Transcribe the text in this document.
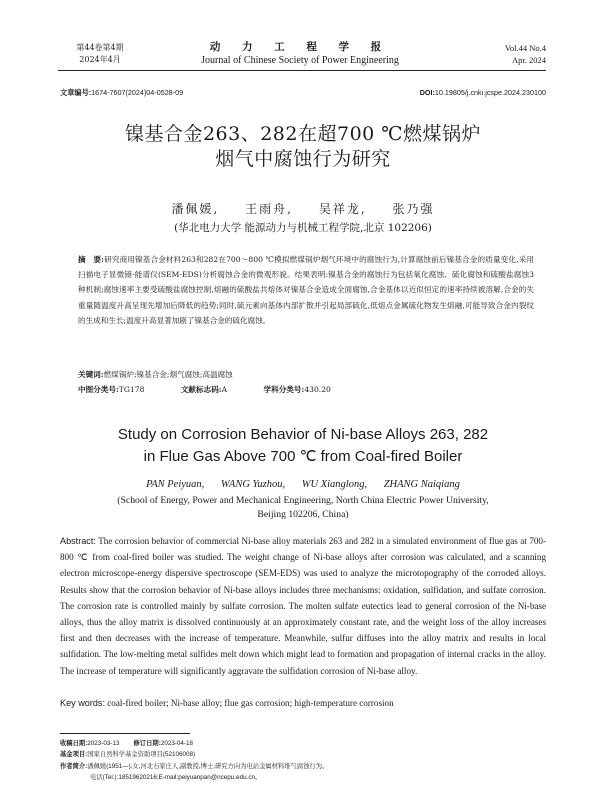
第44卷第4期
2024年4月
动 力 工 程 学 报
Journal of Chinese Society of Power Engineering
Vol.44 No.4
Apr. 2024
文章编号:1674-7607(2024)04-0528-09	DOI:10.19805/j.cnki.jcspe.2024.230100
镍基合金263、282在超700 ℃燃煤锅炉
烟气中腐蚀行为研究
潘佩媛, 王雨舟, 吴祥龙, 张乃强
(华北电力大学 能源动力与机械工程学院,北京 102206)
摘　要:研究商用镍基合金材料263和282在700～800 ℃模拟燃煤锅炉烟气环境中的腐蚀行为,计算腐蚀前后镍基合金的质量变化,采用扫描电子显微镜-能谱仪(SEM-EDS)分析腐蚀合金的微观形貌。结果表明:镍基合金的腐蚀行为包括氧化腐蚀、硫化腐蚀和硫酸盐腐蚀3种机制;腐蚀速率主要受硫酸盐腐蚀控制,熔融的硫酸盐共熔体对镍基合金造成全面腐蚀,合金基体以近似恒定的速率持续被溶解,合金的失重量随温度升高呈现先增加后降低的趋势;同时,硫元素向基体内部扩散并引起局部硫化,低熔点金属硫化物发生熔融,可能导致合金内裂纹的生成和生长;温度升高显著加剧了镍基合金的硫化腐蚀。
关键词:燃煤锅炉;镍基合金;烟气腐蚀;高温腐蚀
中图分类号:TG178	文献标志码:A	学科分类号:430.20
Study on Corrosion Behavior of Ni-base Alloys 263, 282
in Flue Gas Above 700 ℃ from Coal-fired Boiler
PAN Peiyuan, WANG Yuzhou, WU Xianglong, ZHANG Naiqiang
(School of Energy, Power and Mechanical Engineering, North China Electric Power University,
Beijing 102206, China)
Abstract: The corrosion behavior of commercial Ni-base alloy materials 263 and 282 in a simulated environment of flue gas at 700-800 ℃ from coal-fired boiler was studied. The weight change of Ni-base alloys after corrosion was calculated, and a scanning electron microscope-energy dispersive spectroscope (SEM-EDS) was used to analyze the microtopography of the corroded alloys. Results show that the corrosion behavior of Ni-base alloys includes three mechanisms: oxidation, sulfidation, and sulfate corrosion. The corrosion rate is controlled mainly by sulfate corrosion. The molten sulfate eutectics lead to general corrosion of the Ni-base alloys, thus the alloy matrix is dissolved continuously at an approximately constant rate, and the weight loss of the alloy increases first and then decreases with the increase of temperature. Meanwhile, sulfur diffuses into the alloy matrix and results in local sulfidation. The low-melting metal sulfides melt down which might lead to formation and propagation of internal cracks in the alloy. The increase of temperature will significantly aggravate the sulfidation corrosion of Ni-base alloy.
Key words: coal-fired boiler; Ni-base alloy; flue gas corrosion; high-temperature corrosion
收稿日期:2023-03-13 修订日期:2023-04-18
基金项目:国家自然科学基金资助项目(52106008)
作者简介:潘佩媛(1951—),女,河北石家庄人,副教授,博士,研究方向为电站金属材料堆气腐蚀行为。
电话(Tel.):18519620216;E-mail:peiyuanpan@ncepu.edu.cn。
